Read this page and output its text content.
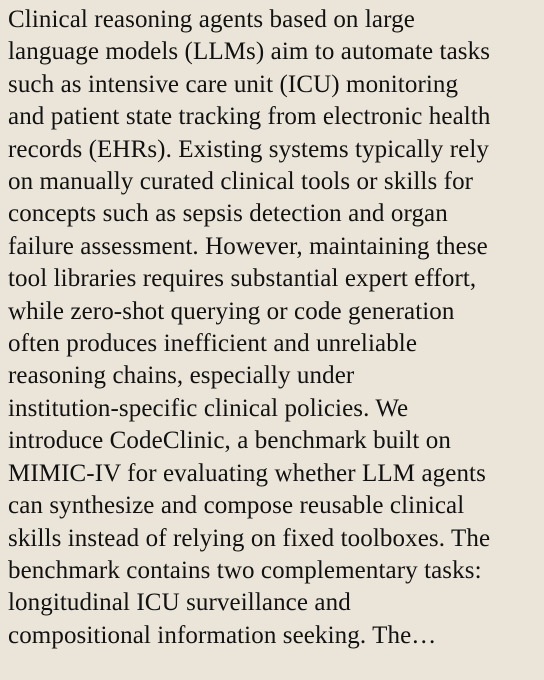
Clinical reasoning agents based on large
language models (LLMs) aim to automate tasks
such as intensive care unit (ICU) monitoring
and patient state tracking from electronic health
records (EHRs). Existing systems typically rely
on manually curated clinical tools or skills for
concepts such as sepsis detection and organ
failure assessment. However, maintaining these
tool libraries requires substantial expert effort,
while zero-shot querying or code generation
often produces inefficient and unreliable
reasoning chains, especially under
institution-specific clinical policies. We
introduce CodeClinic, a benchmark built on
MIMIC-IV for evaluating whether LLM agents
can synthesize and compose reusable clinical
skills instead of relying on fixed toolboxes. The
benchmark contains two complementary tasks:
longitudinal ICU surveillance and
compositional information seeking. The…
